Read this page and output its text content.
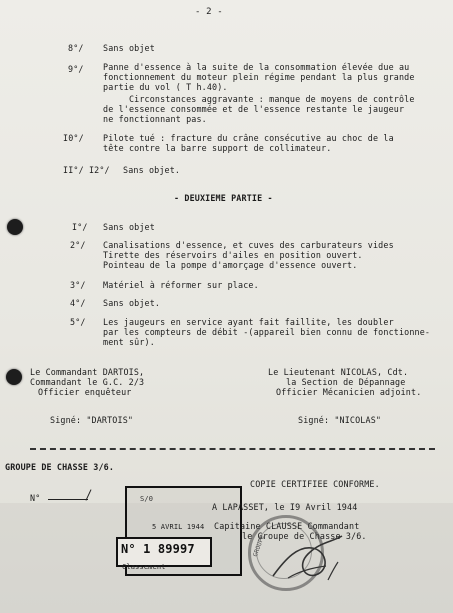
- 2 -
8°/ Sans objet
9°/ Panne d'essence à la suite de la consommation élevée due au
fonctionnement du moteur plein régime pendant la plus grande
partie du vol ( T h.40).
Circonstances aggravante : manque de moyens de contrôle
de l'essence consommée et de l'essence restante le jaugeur
ne fonctionnant pas.
I0°/ Pilote tué : fracture du crâne consécutive au choc de la
tête contre la barre support de collimateur.
II°/ I2°/ Sans objet.
- DEUXIEME PARTIE -
I°/ Sans objet
2°/ Canalisations d'essence, et cuves des carburateurs vides
Tirette des réservoirs d'ailes en position ouvert.
Pointeau de la pompe d'amorçage d'essence ouvert.
3°/ Matériel à réformer sur place.
4°/ Sans objet.
5°/ Les jaugeurs en service ayant fait faillite, les doubler
par les compteurs de débit -(appareil bien connu de fonctionne-
ment sûr).
Le Commandant DARTOIS,
Commandant le G.C. 2/3
Officier enquêteur
Le Lieutenant NICOLAS, Cdt.
la Section de Dépannage
Officier Mécanicien adjoint.
Signé: "DARTOIS"	Signé: "NICOLAS"
GROUPE DE CHASSE 3/6.
N°	S/0
5 AVRIL 1944
N° 1 89997
Classement
COPIE CERTIFIEE CONFORME.
A LAPASSET, le I9 Avril 1944
Capitaine CLAUSSE Commandant
le Groupe de Chasse 3/6.
GROUPE
